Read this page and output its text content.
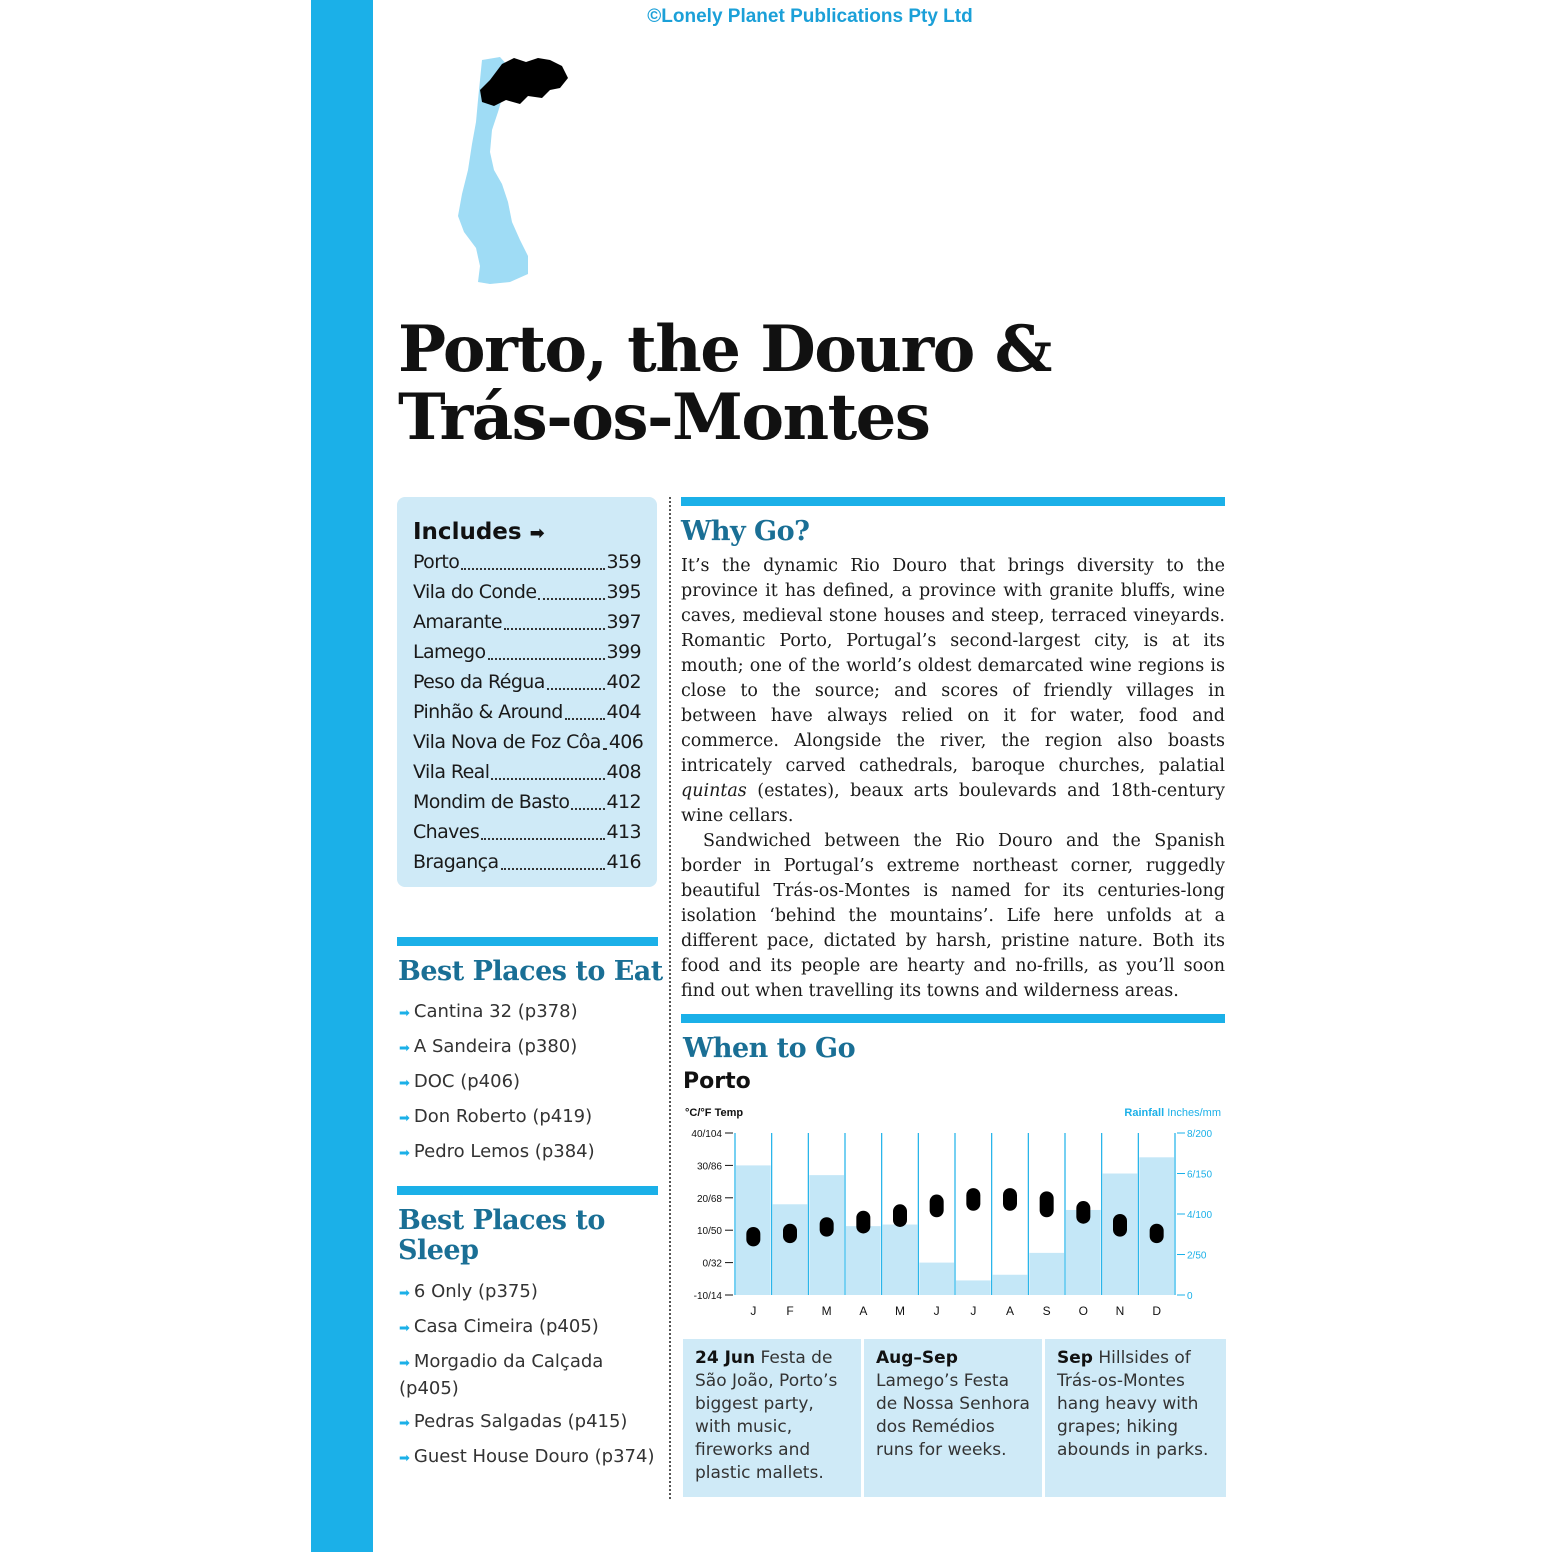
©Lonely Planet Publications Pty Ltd
Porto, the Douro &
Trás-os-Montes
Includes ➡
Porto	359
Vila do Conde	395
Amarante	397
Lamego	399
Peso da Régua	402
Pinhão & Around 404
Vila Nova de Foz Côa 406
Vila Real	408
Mondim de Basto 412
Chaves	413
Bragança	416
Best Places to Eat
➡ Cantina 32 (p378)
➡ A Sandeira (p380)
➡ DOC (p406)
➡ Don Roberto (p419)
➡ Pedro Lemos (p384)
Best Places to
Sleep
➡ 6 Only (p375)
➡ Casa Cimeira (p405)
➡ Morgadio da Calçada (p405)
➡ Pedras Salgadas (p415)
➡ Guest House Douro (p374)
Why Go?

It’s the dynamic Rio Douro that brings diversity to the province it has defined, a province with granite bluffs, wine caves, medieval stone houses and steep, terraced vineyards. Romantic Porto, Portugal’s second-largest city, is at its mouth; one of the world’s oldest demarcated wine regions is close to the source; and scores of friendly villages in between have always relied on it for water, food and commerce. Alongside the river, the region also boasts intricately carved cathedrals, baroque churches, palatial quintas (estates), beaux arts boulevards and 18th-century wine cellars.

Sandwiched between the Rio Douro and the Spanish border in Portugal’s extreme northeast corner, ruggedly beautiful Trás-os-Montes is named for its centuries-long isolation ‘behind the mountains’. Life here unfolds at a different pace, dictated by harsh, pristine nature. Both its food and its people are hearty and no-frills, as you’ll soon find out when travelling its towns and wilderness areas.

When to Go
Porto
°C/°F Temp	Rainfall Inches/mm
40/104
30/86
20/68
10/50
0/32
-10/14
8/200
6/150
4/100
2/50
0
J F M A M J	J A S O N D
24 Jun Festa de São João, Porto’s biggest party, with music, fireworks and plastic mallets.
Aug–Sep Lamego’s Festa de Nossa Senhora dos Remédios runs for weeks.
Sep Hillsides of Trás-os-Montes hang heavy with grapes; hiking abounds in parks.
